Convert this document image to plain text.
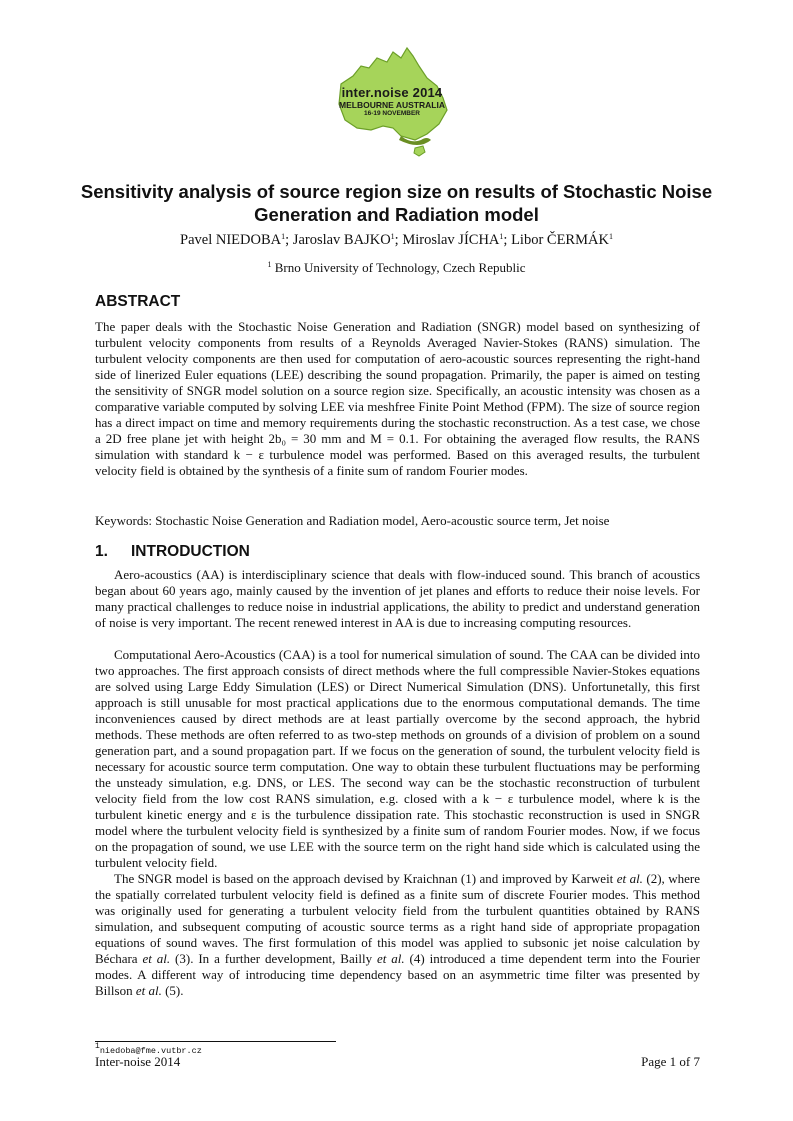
inter.noise 2014
MELBOURNE AUSTRALIA
16-19 NOVEMBER
Sensitivity analysis of source region size on results of Stochastic Noise Generation and Radiation model
Pavel NIEDOBA$^1$; Jaroslav BAJKO$^1$; Miroslav JÍCHA$^1$; Libor ČERMÁK$^1$
$^1$ Brno University of Technology, Czech Republic
ABSTRACT

The paper deals with the Stochastic Noise Generation and Radiation (SNGR) model based on synthesizing of turbulent velocity components from results of a Reynolds Averaged Navier-Stokes (RANS) simulation. The turbulent velocity components are then used for computation of aero-acoustic sources representing the right-hand side of linerized Euler equations (LEE) describing the sound propagation. Primarily, the paper is aimed on testing the sensitivity of SNGR model solution on a source region size. Specifically, an acoustic intensity was chosen as a comparative variable computed by solving LEE via meshfree Finite Point Method (FPM). The size of source region has a direct impact on time and memory requirements during the stochastic reconstruction. As a test case, we chose a 2D free plane jet with height 2b₀ = 30 mm and M = 0.1. For obtaining the averaged flow results, the RANS simulation with standard k − ε turbulence model was performed. Based on this averaged results, the turbulent velocity field is obtained by the synthesis of a finite sum of random Fourier modes.

Keywords: Stochastic Noise Generation and Radiation model, Aero-acoustic source term, Jet noise

1. INTRODUCTION

Aero-acoustics (AA) is interdisciplinary science that deals with flow-induced sound. This branch of acoustics began about 60 years ago, mainly caused by the invention of jet planes and efforts to reduce their noise levels. For many practical challenges to reduce noise in industrial applications, the ability to predict and understand generation of noise is very important. The recent renewed interest in AA is due to increasing computing resources.

Computational Aero-Acoustics (CAA) is a tool for numerical simulation of sound. The CAA can be divided into two approaches. The first approach consists of direct methods where the full compressible Navier-Stokes equations are solved using Large Eddy Simulation (LES) or Direct Numerical Simulation (DNS). Unfortunetally, this first approach is still unusable for most practical applications due to the enormous computational demands. The time inconveniences caused by direct methods are at least partially overcome by the second approach, the hybrid methods. These methods are often referred to as two-step methods on grounds of a division of problem on a sound generation part, and a sound propagation part. If we focus on the generation of sound, the turbulent velocity field is necessary for acoustic source term computation. One way to obtain these turbulent fluctuations may be performing the unsteady simulation, e.g. DNS, or LES. The second way can be the stochastic reconstruction of turbulent velocity field from the low cost RANS simulation, e.g. closed with a k − ε turbulence model, where k is the turbulent kinetic energy and ε is the turbulence dissipation rate. This stochastic reconstruction is used in SNGR model where the turbulent velocity field is synthesized by a finite sum of random Fourier modes. Now, if we focus on the propagation of sound, we use LEE with the source term on the right hand side which is calculated using the turbulent velocity field.

The SNGR model is based on the approach devised by Kraichnan (1) and improved by Karweit et al. (2), where the spatially correlated turbulent velocity field is defined as a finite sum of discrete Fourier modes. This method was originally used for generating a turbulent velocity field from the turbulent quantities obtained by RANS simulation, and subsequent computing of acoustic source terms as a right hand side of appropriate propagation equations of sound waves. The first formulation of this model was applied to subsonic jet noise calculation by Béchara et al. (3). In a further development, Bailly et al. (4) introduced a time dependent term into the Fourier modes. A different way of introducing time dependency based on an asymmetric time filter was presented by Billson et al. (5).

$^1$niedoba@fme.vutbr.cz
Inter-noise 2014	Page 1 of 7
